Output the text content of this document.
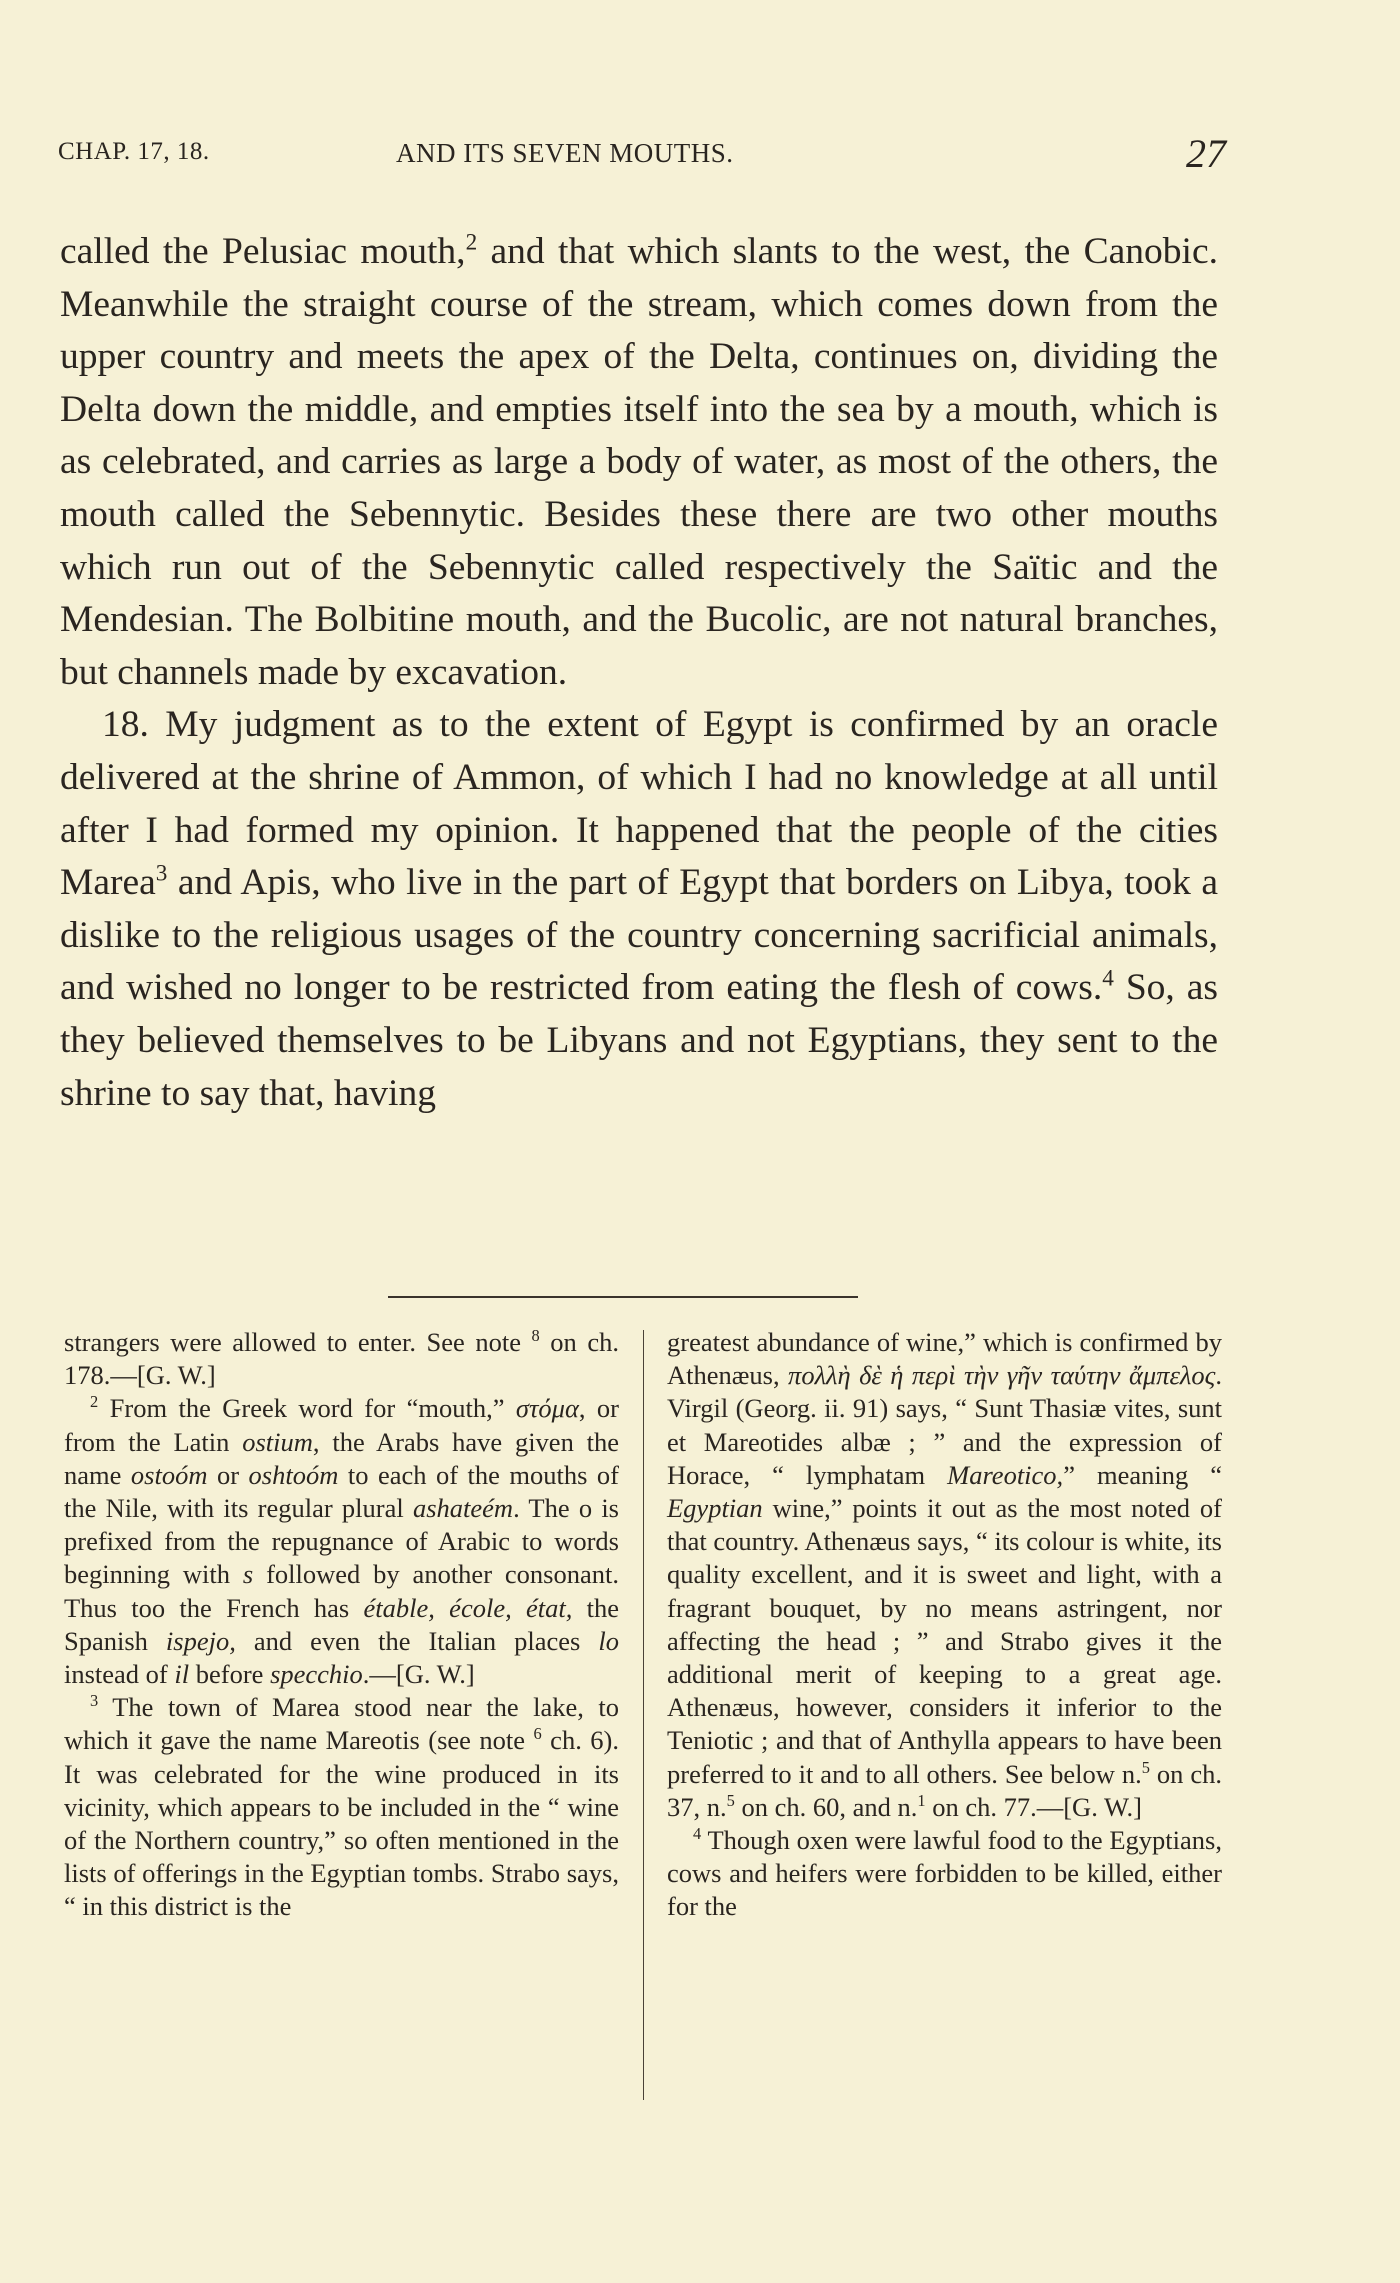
CHAP. 17, 18.	AND ITS SEVEN MOUTHS.	27

called the Pelusiac mouth,$^2$ and that which slants to the west, the Canobic. Meanwhile the straight course of the stream, which comes down from the upper country and meets the apex of the Delta, continues on, dividing the Delta down the middle, and empties itself into the sea by a mouth, which is as celebrated, and carries as large a body of water, as most of the others, the mouth called the Sebennytic. Besides these there are two other mouths which run out of the Sebennytic called respectively the Saïtic and the Mendesian. The Bolbitine mouth, and the Bucolic, are not natural branches, but channels made by excavation.

18. My judgment as to the extent of Egypt is confirmed by an oracle delivered at the shrine of Ammon, of which I had no knowledge at all until after I had formed my opinion. It happened that the people of the cities Marea$^3$ and Apis, who live in the part of Egypt that borders on Libya, took a dislike to the religious usages of the country concerning sacrificial animals, and wished no longer to be restricted from eating the flesh of cows.$^4$ So, as they believed themselves to be Libyans and not Egyptians, they sent to the shrine to say that, having

strangers were allowed to enter. See note $^8$ on ch. 178.—[G. W.]

$^2$ From the Greek word for “mouth,” στόμα, or from the Latin ostium, the Arabs have given the name ostoóm or oshtoóm to each of the mouths of the Nile, with its regular plural ashateém. The o is prefixed from the repugnance of Arabic to words beginning with s followed by another consonant. Thus too the French has étable, école, état, the Spanish ispejo, and even the Italian places lo instead of il before specchio.—[G. W.]

$^3$ The town of Marea stood near the lake, to which it gave the name Mareotis (see note $^6$ ch. 6). It was celebrated for the wine produced in its vicinity, which appears to be included in the “ wine of the Northern country,” so often mentioned in the lists of offerings in the Egyptian tombs. Strabo says, “ in this district is the

greatest abundance of wine,” which is confirmed by Athenæus, πολλὴ δὲ ἡ περὶ τὴν γῆν ταύτην ἄμπελος. Virgil (Georg. ii. 91) says, “ Sunt Thasiæ vites, sunt et Mareotides albæ ; ” and the expression of Horace, “ lymphatam Mareotico,” meaning “ Egyptian wine,” points it out as the most noted of that country. Athenæus says, “ its colour is white, its quality excellent, and it is sweet and light, with a fragrant bouquet, by no means astringent, nor affecting the head ; ” and Strabo gives it the additional merit of keeping to a great age. Athenæus, however, considers it inferior to the Teniotic ; and that of Anthylla appears to have been preferred to it and to all others. See below n.$^5$ on ch. 37, n.$^5$ on ch. 60, and n.$^1$ on ch. 77.—[G. W.]

$^4$ Though oxen were lawful food to the Egyptians, cows and heifers were forbidden to be killed, either for the
